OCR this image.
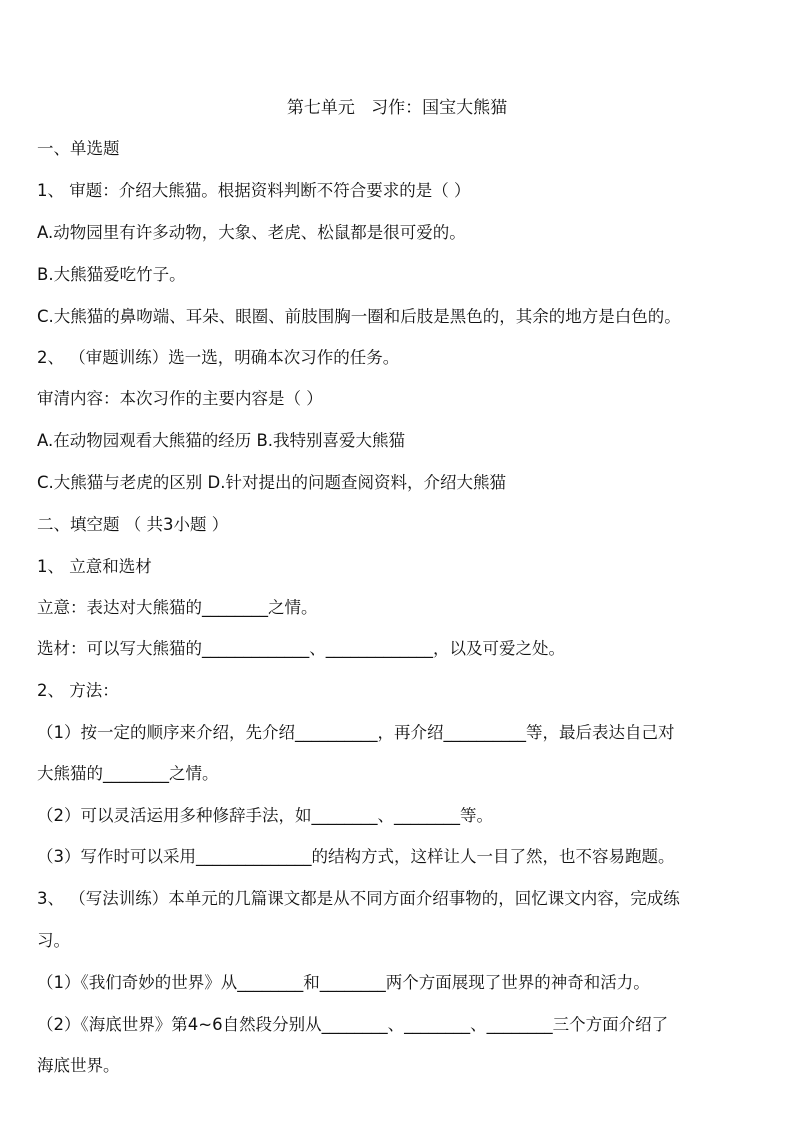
第七单元   习作：国宝大熊猫
一、单选题
1、 审题：介绍大熊猫。根据资料判断不符合要求的是（ ）
A.动物园里有许多动物，大象、老虎、松鼠都是很可爱的。
B.大熊猫爱吃竹子。
C.大熊猫的鼻吻端、耳朵、眼圈、前肢围胸一圈和后肢是黑色的，其余的地方是白色的。
2、 （审题训练）选一选，明确本次习作的任务。
审清内容：本次习作的主要内容是（ ）
A.在动物园观看大熊猫的经历 B.我特别喜爱大熊猫
C.大熊猫与老虎的区别 D.针对提出的问题查阅资料，介绍大熊猫
二、填空题 （ 共3小题 ）
1、 立意和选材
立意：表达对大熊猫的________之情。
选材：可以写大熊猫的_____________、_____________，以及可爱之处。
2、 方法：
（1）按一定的顺序来介绍，先介绍__________，再介绍__________等，最后表达自己对
大熊猫的________之情。
（2）可以灵活运用多种修辞手法，如________、________等。
（3）写作时可以采用______________的结构方式，这样让人一目了然，也不容易跑题。
3、 （写法训练）本单元的几篇课文都是从不同方面介绍事物的，回忆课文内容，完成练
习。
（1）《我们奇妙的世界》从________和________两个方面展现了世界的神奇和活力。
（2）《海底世界》第4~6自然段分别从________、________、________三个方面介绍了
海底世界。
